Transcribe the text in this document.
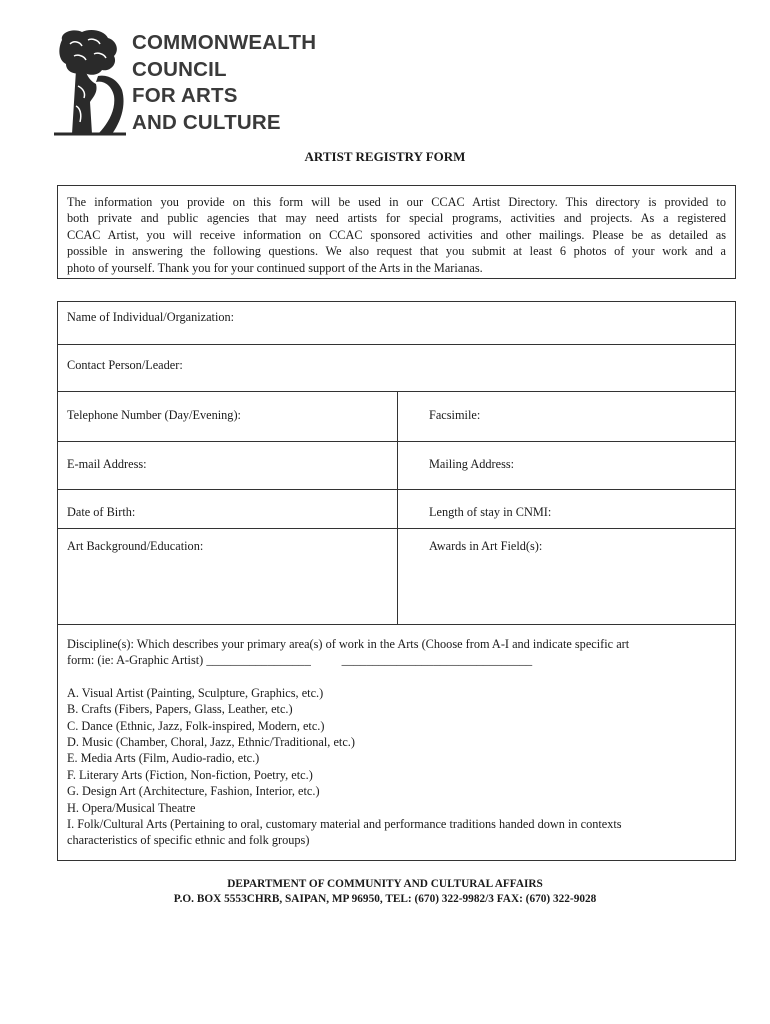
COMMONWEALTH
COUNCIL
FOR ARTS
AND CULTURE
ARTIST REGISTRY FORM
The information you provide on this form will be used in our CCAC Artist Directory. This directory is provided to
both private and public agencies that may need artists for special programs, activities and projects. As a registered
CCAC Artist, you will receive information on CCAC sponsored activities and other mailings. Please be as detailed as
possible in answering the following questions. We also request that you submit at least 6 photos of your work and a
photo of yourself. Thank you for your continued support of the Arts in the Marianas.
Name of Individual/Organization:
Contact Person/Leader:
Telephone Number (Day/Evening):	Facsimile:
E-mail Address:	Mailing Address:
Date of Birth:	Length of stay in CNMI:
Art Background/Education:	Awards in Art Field(s):
Discipline(s): Which describes your primary area(s) of work in the Arts (Choose from A-I and indicate specific art
form: (ie: A-Graphic Artist) _________________          _______________________________
A. Visual Artist (Painting, Sculpture, Graphics, etc.)
B. Crafts (Fibers, Papers, Glass, Leather, etc.)
C. Dance (Ethnic, Jazz, Folk-inspired, Modern, etc.)
D. Music (Chamber, Choral, Jazz, Ethnic/Traditional, etc.)
E. Media Arts (Film, Audio-radio, etc.)
F. Literary Arts (Fiction, Non-fiction, Poetry, etc.)
G. Design Art (Architecture, Fashion, Interior, etc.)
H. Opera/Musical Theatre
I. Folk/Cultural Arts (Pertaining to oral, customary material and performance traditions handed down in contexts
characteristics of specific ethnic and folk groups)
DEPARTMENT OF COMMUNITY AND CULTURAL AFFAIRS
P.O. BOX 5553CHRB, SAIPAN, MP 96950, TEL: (670) 322-9982/3 FAX: (670) 322-9028
